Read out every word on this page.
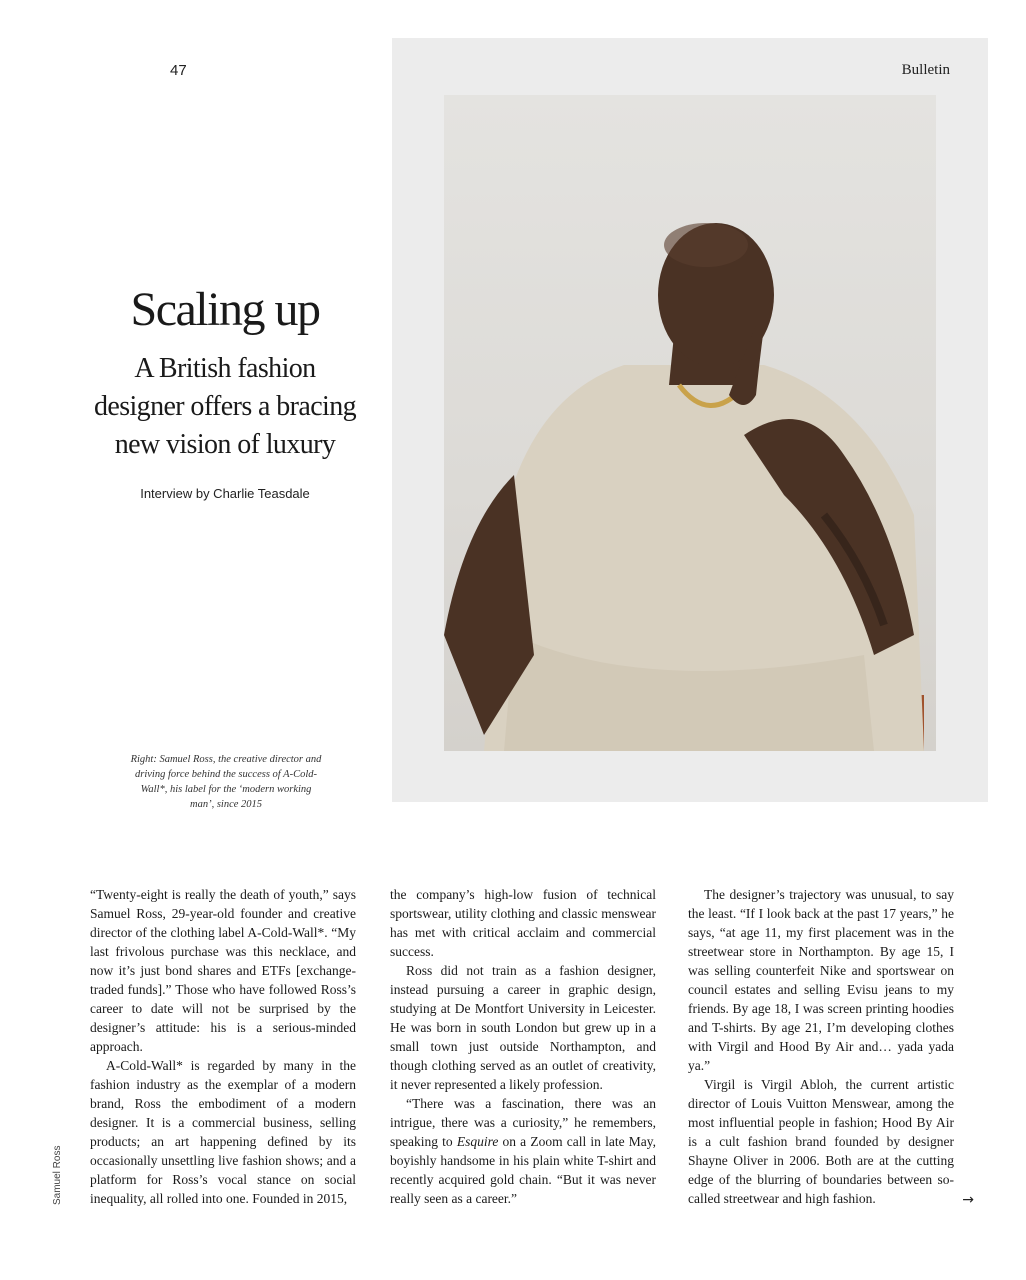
47	Bulletin
Scaling up
A British fashion designer offers a bracing new vision of luxury
Interview by Charlie Teasdale
Right: Samuel Ross, the creative director and driving force behind the success of A-Cold-Wall*, his label for the ‘modern working man’, since 2015
Samuel Ross

“Twenty-eight is really the death of youth,” says Samuel Ross, 29-year-old founder and creative director of the clothing label A-Cold-Wall*. “My last frivolous purchase was this necklace, and now it’s just bond shares and ETFs [exchange-traded funds].” Those who have followed Ross’s career to date will not be surprised by the designer’s attitude: his is a serious-minded approach.

A-Cold-Wall* is regarded by many in the fashion industry as the exemplar of a modern brand, Ross the embodiment of a modern designer. It is a commercial business, selling products; an art happening defined by its occasionally unsettling live fashion shows; and a platform for Ross’s vocal stance on social inequality, all rolled into one. Founded in 2015,

the company’s high-low fusion of technical sportswear, utility clothing and classic menswear has met with critical acclaim and commercial success.

Ross did not train as a fashion designer, instead pursuing a career in graphic design, studying at De Montfort University in Leicester. He was born in south London but grew up in a small town just outside Northampton, and though clothing served as an outlet of creativity, it never represented a likely profession.

“There was a fascination, there was an intrigue, there was a curiosity,” he remembers, speaking to Esquire on a Zoom call in late May, boyishly handsome in his plain white T-shirt and recently acquired gold chain. “But it was never really seen as a career.”

The designer’s trajectory was unusual, to say the least. “If I look back at the past 17 years,” he says, “at age 11, my first placement was in the streetwear store in Northampton. By age 15, I was selling counterfeit Nike and sportswear on council estates and selling Evisu jeans to my friends. By age 18, I was screen printing hoodies and T-shirts. By age 21, I’m developing clothes with Virgil and Hood By Air and… yada yada ya.”

Virgil is Virgil Abloh, the current artistic director of Louis Vuitton Menswear, among the most influential people in fashion; Hood By Air is a cult fashion brand founded by designer Shayne Oliver in 2006. Both are at the cutting edge of the blurring of boundaries between so-called streetwear and high fashion.	→
